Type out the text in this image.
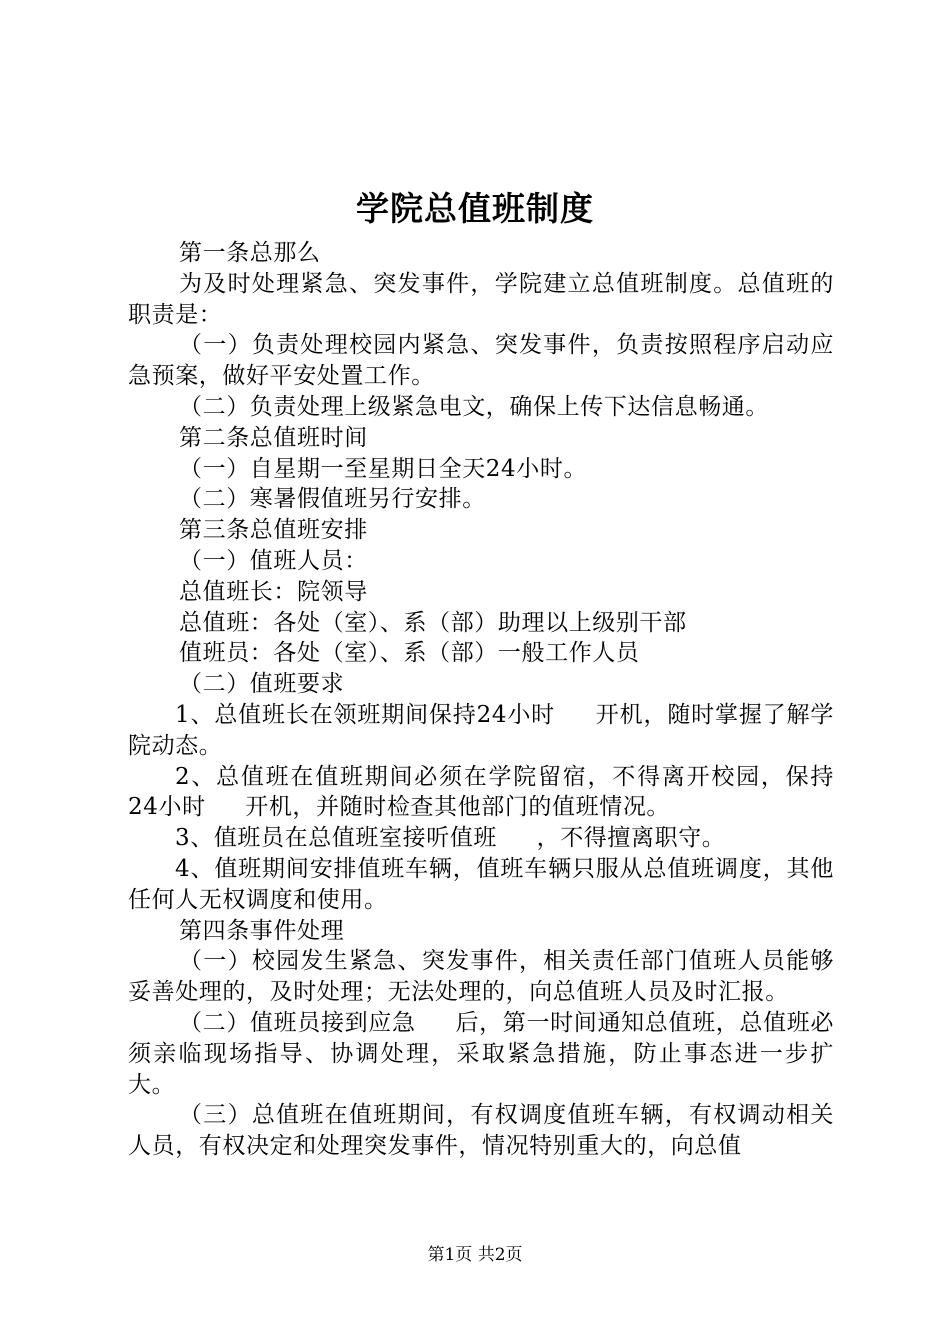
学院总值班制度

第一条总那么

为及时处理紧急、突发事件，学院建立总值班制度。总值班的职责是：

（一）负责处理校园内紧急、突发事件，负责按照程序启动应急预案，做好平安处置工作。

（二）负责处理上级紧急电文，确保上传下达信息畅通。

第二条总值班时间

（一）自星期一至星期日全天24小时。

（二）寒暑假值班另行安排。

第三条总值班安排

（一）值班人员：

总值班长：院领导

总值班：各处（室）、系（部）助理以上级别干部

值班员：各处（室）、系（部）一般工作人员

（二）值班要求

1、总值班长在领班期间保持24小时     开机，随时掌握了解学院动态。

2、总值班在值班期间必须在学院留宿，不得离开校园，保持24小时     开机，并随时检查其他部门的值班情况。

3、值班员在总值班室接听值班     ，不得擅离职守。

4、值班期间安排值班车辆，值班车辆只服从总值班调度，其他任何人无权调度和使用。

第四条事件处理

（一）校园发生紧急、突发事件，相关责任部门值班人员能够妥善处理的，及时处理；无法处理的，向总值班人员及时汇报。

（二）值班员接到应急     后，第一时间通知总值班，总值班必须亲临现场指导、协调处理，采取紧急措施，防止事态进一步扩大。

（三）总值班在值班期间，有权调度值班车辆，有权调动相关人员，有权决定和处理突发事件，情况特别重大的，向总值

第1页 共2页
